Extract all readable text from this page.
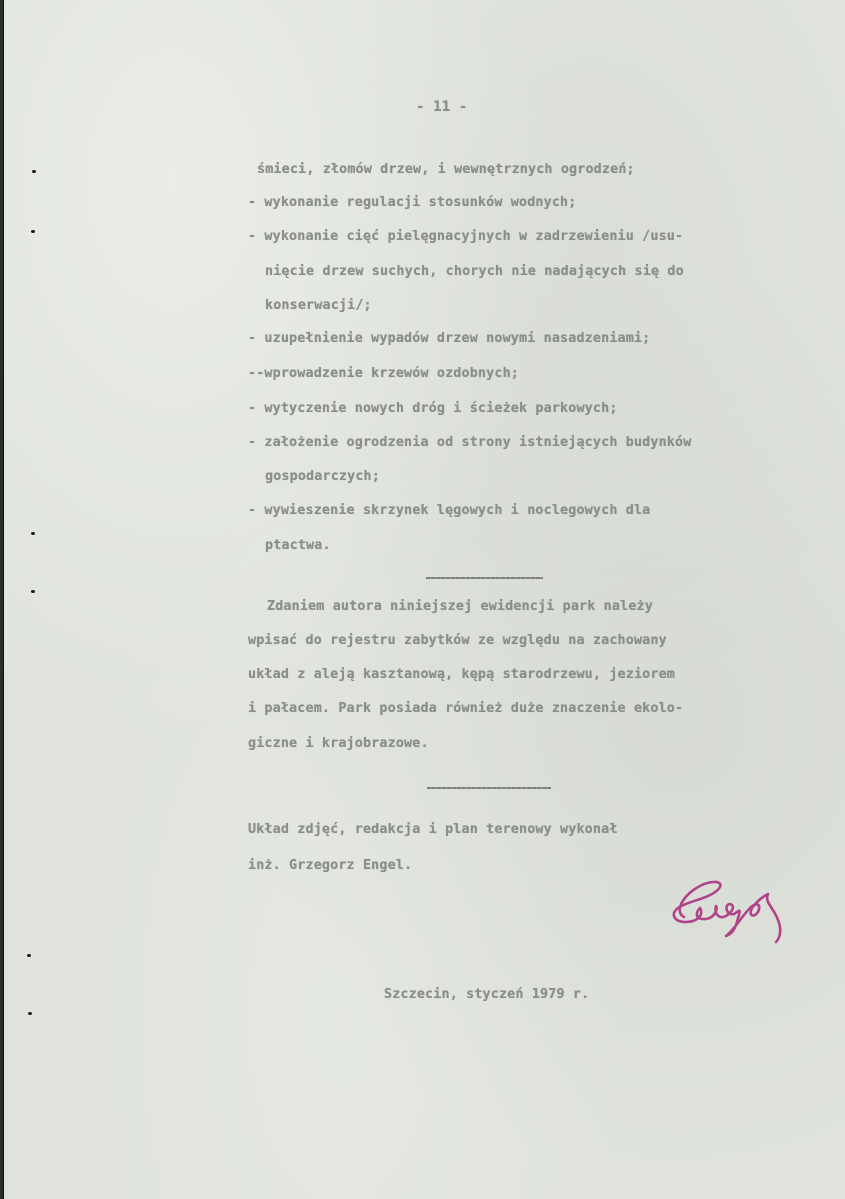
- 11 -
śmieci, złomów drzew, i wewnętrznych ogrodzeń;
- wykonanie regulacji stosunków wodnych;
- wykonanie cięć pielęgnacyjnych w zadrzewieniu /usu-
nięcie drzew suchych, chorych nie nadających się do
konserwacji/;
- uzupełnienie wypadów drzew nowymi nasadzeniami;
--wprowadzenie krzewów ozdobnych;
- wytyczenie nowych dróg i ścieżek parkowych;
- założenie ogrodzenia od strony istniejących budynków
gospodarczych;
- wywieszenie skrzynek lęgowych i noclegowych dla
ptactwa.
Zdaniem autora niniejszej ewidencji park należy
wpisać do rejestru zabytków ze względu na zachowany
układ z aleją kasztanową, kępą starodrzewu, jeziorem
i pałacem. Park posiada również duże znaczenie ekolo-
giczne i krajobrazowe.
Układ zdjęć, redakcja i plan terenowy wykonał
inż. Grzegorz Engel.
Szczecin, styczeń 1979 r.
